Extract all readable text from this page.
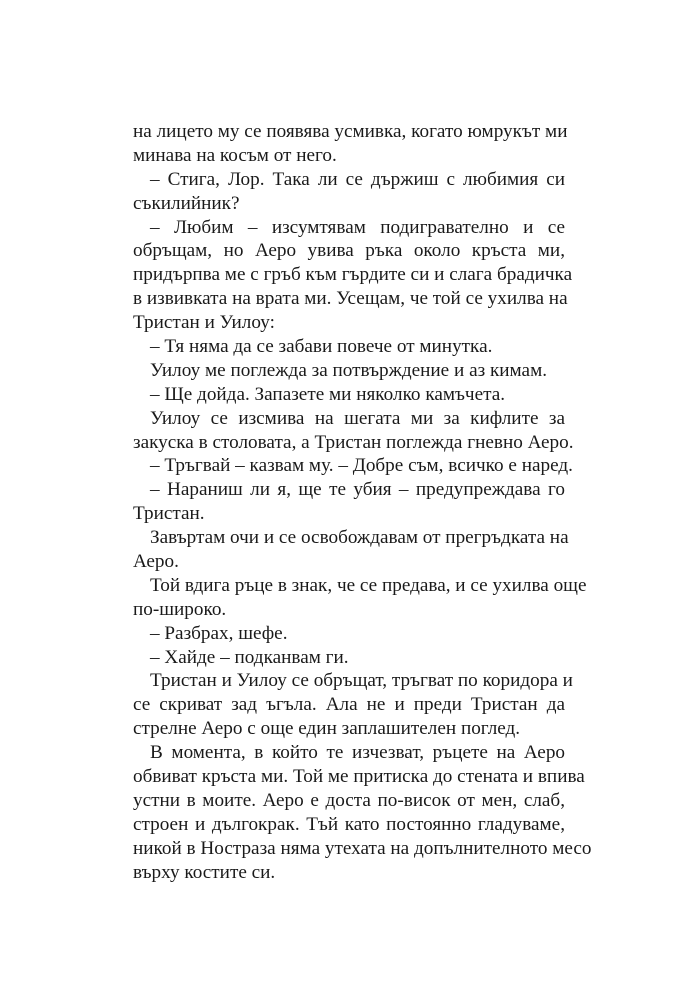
на лицето му се появява усмивка, когато юмрукът ми
минава на косъм от него.
– Стига, Лор. Така ли се държиш с любимия си
съкилийник?
– Любим – изсумтявам подигравателно и се
обръщам, но Аеро увива ръка около кръста ми,
придърпва ме с гръб към гърдите си и слага брадичка
в извивката на врата ми. Усещам, че той се ухилва на
Тристан и Уилоу:
– Тя няма да се забави повече от минутка.
Уилоу ме поглежда за потвърждение и аз кимам.
– Ще дойда. Запазете ми няколко камъчета.
Уилоу се изсмива на шегата ми за кифлите за
закуска в столовата, а Тристан поглежда гневно Аеро.
– Тръгвай – казвам му. – Добре съм, всичко е наред.
– Нараниш ли я, ще те убия – предупреждава го
Тристан.
Завъртам очи и се освобождавам от прегръдката на
Аеро.
Той вдига ръце в знак, че се предава, и се ухилва още
по-широко.
– Разбрах, шефе.
– Хайде – подканвам ги.
Тристан и Уилоу се обръщат, тръгват по коридора и
се скриват зад ъгъла. Ала не и преди Тристан да
стрелне Аеро с още един заплашителен поглед.
В момента, в който те изчезват, ръцете на Аеро
обвиват кръста ми. Той ме притиска до стената и впива
устни в моите. Аеро е доста по-висок от мен, слаб,
строен и дългокрак. Тъй като постоянно гладуваме,
никой в Ностраза няма утехата на допълнителното месо
върху костите си.
